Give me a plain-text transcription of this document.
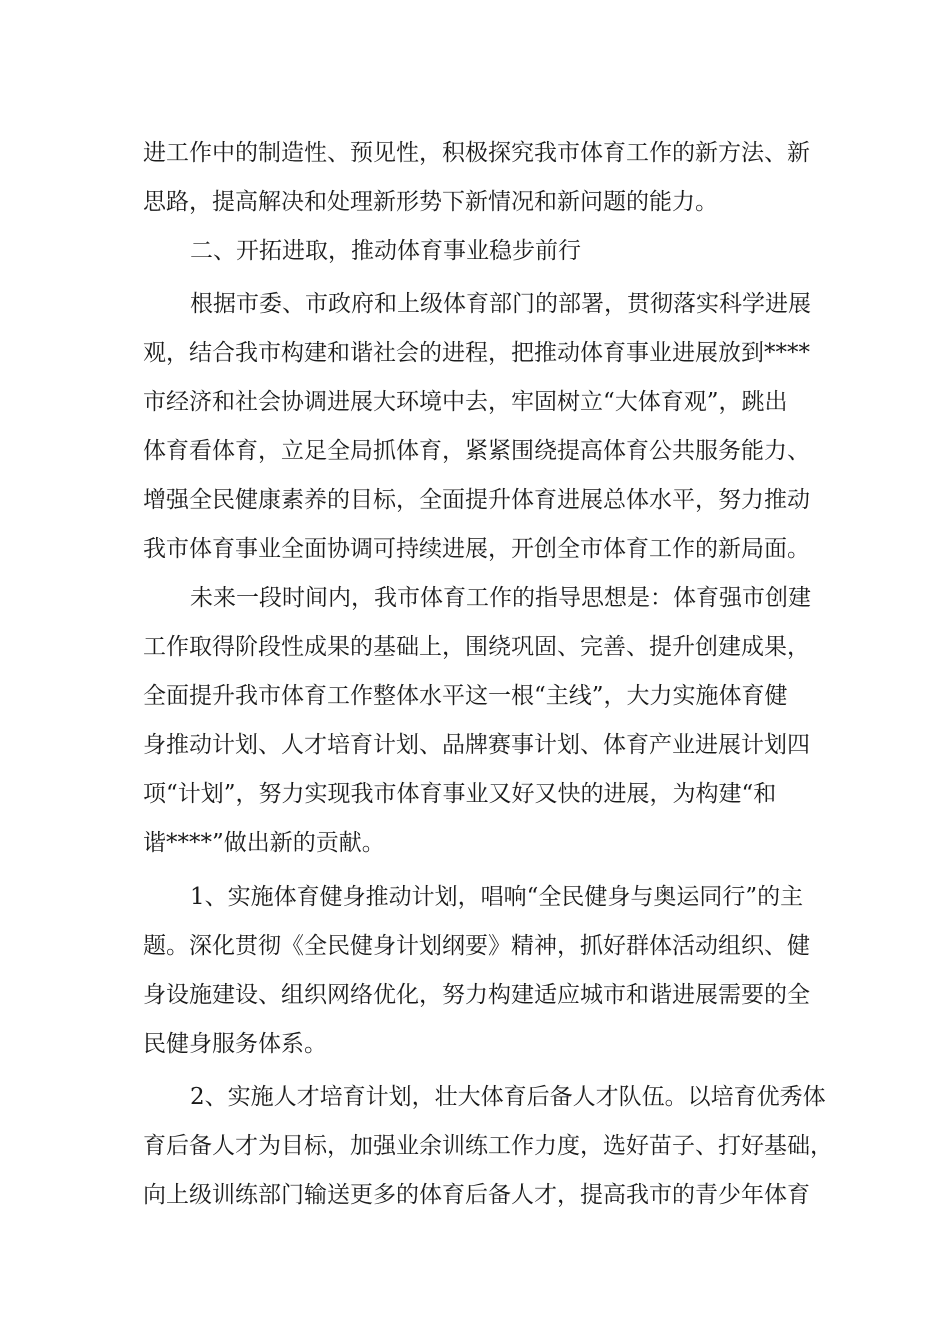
进工作中的制造性、预见性，积极探究我市体育工作的新方法、新

思路，提高解决和处理新形势下新情况和新问题的能力。

二、开拓进取，推动体育事业稳步前行

根据市委、市政府和上级体育部门的部署，贯彻落实科学进展

观，结合我市构建和谐社会的进程，把推动体育事业进展放到****

市经济和社会协调进展大环境中去，牢固树立“大体育观”，跳出

体育看体育，立足全局抓体育，紧紧围绕提高体育公共服务能力、

增强全民健康素养的目标，全面提升体育进展总体水平，努力推动

我市体育事业全面协调可持续进展，开创全市体育工作的新局面。

未来一段时间内，我市体育工作的指导思想是：体育强市创建

工作取得阶段性成果的基础上，围绕巩固、完善、提升创建成果，

全面提升我市体育工作整体水平这一根“主线”，大力实施体育健

身推动计划、人才培育计划、品牌赛事计划、体育产业进展计划四

项“计划”，努力实现我市体育事业又好又快的进展，为构建“和

谐****”做出新的贡献。

1、实施体育健身推动计划，唱响“全民健身与奥运同行”的主

题。深化贯彻《全民健身计划纲要》精神，抓好群体活动组织、健

身设施建设、组织网络优化，努力构建适应城市和谐进展需要的全

民健身服务体系。

2、实施人才培育计划，壮大体育后备人才队伍。以培育优秀体

育后备人才为目标，加强业余训练工作力度，选好苗子、打好基础，

向上级训练部门输送更多的体育后备人才，提高我市的青少年体育
